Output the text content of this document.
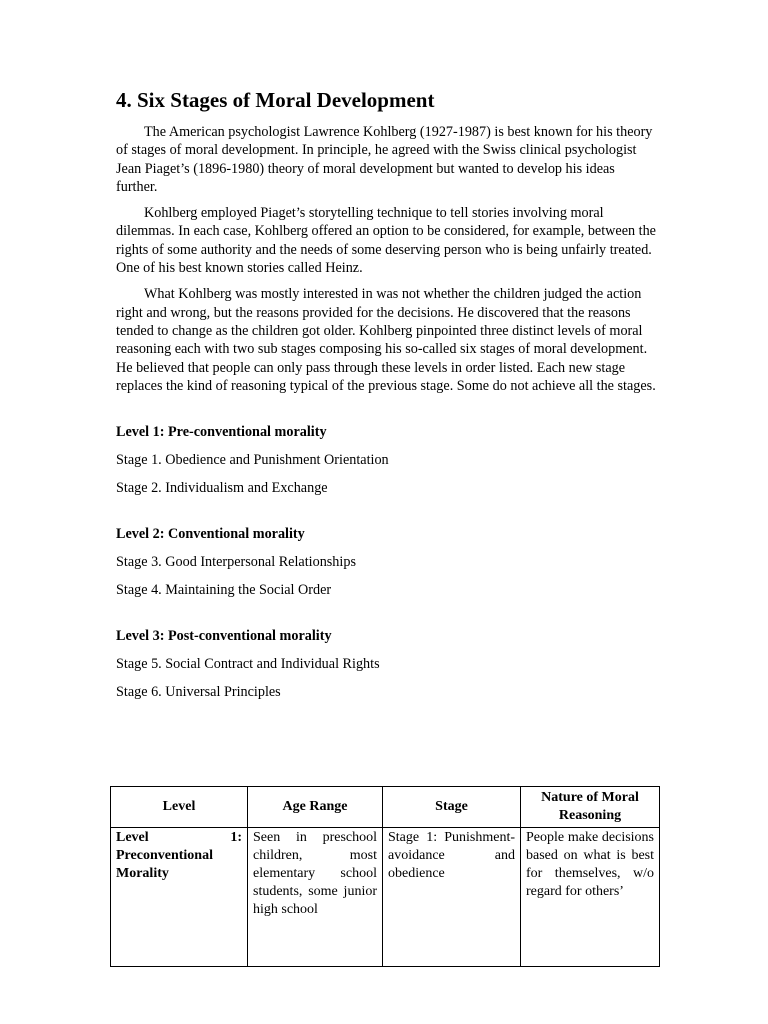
4. Six Stages of Moral Development

The American psychologist Lawrence Kohlberg (1927-1987) is best known for his theory of stages of moral development. In principle, he agreed with the Swiss clinical psychologist Jean Piaget’s (1896-1980) theory of moral development but wanted to develop his ideas further.

Kohlberg employed Piaget’s storytelling technique to tell stories involving moral dilemmas. In each case, Kohlberg offered an option to be considered, for example, between the rights of some authority and the needs of some deserving person who is being unfairly treated. One of his best known stories called Heinz.

What Kohlberg was mostly interested in was not whether the children judged the action right and wrong, but the reasons provided for the decisions. He discovered that the reasons tended to change as the children got older. Kohlberg pinpointed three distinct levels of moral reasoning each with two sub stages composing his so-called six stages of moral development. He believed that people can only pass through these levels in order listed. Each new stage replaces the kind of reasoning typical of the previous stage. Some do not achieve all the stages.

Level 1: Pre-conventional morality
Stage 1. Obedience and Punishment Orientation
Stage 2. Individualism and Exchange
Level 2: Conventional morality
Stage 3. Good Interpersonal Relationships
Stage 4. Maintaining the Social Order
Level 3: Post-conventional morality
Stage 5. Social Contract and Individual Rights
Stage 6. Universal Principles
Level	Age Range	Stage	Nature of Moral Reasoning

Level 1: Preconventional Morality	Seen in preschool children, most elementary school students, some junior high school	Stage 1: Punishment-avoidance and obedience	People make decisions based on what is best for themselves, w/o regard for others’
